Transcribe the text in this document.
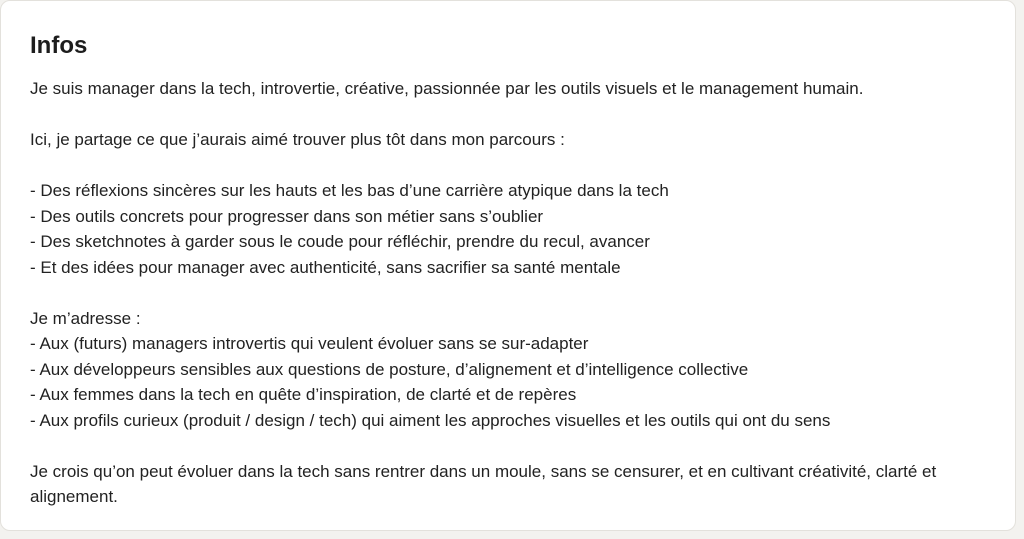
Infos
Je suis manager dans la tech, introvertie, créative, passionnée par les outils visuels et le management humain.
Ici, je partage ce que j’aurais aimé trouver plus tôt dans mon parcours :
- Des réflexions sincères sur les hauts et les bas d’une carrière atypique dans la tech
- Des outils concrets pour progresser dans son métier sans s’oublier
- Des sketchnotes à garder sous le coude pour réfléchir, prendre du recul, avancer
- Et des idées pour manager avec authenticité, sans sacrifier sa santé mentale
Je m’adresse :
- Aux (futurs) managers introvertis qui veulent évoluer sans se sur-adapter
- Aux développeurs sensibles aux questions de posture, d’alignement et d’intelligence collective
- Aux femmes dans la tech en quête d’inspiration, de clarté et de repères
- Aux profils curieux (produit / design / tech) qui aiment les approches visuelles et les outils qui ont du sens
Je crois qu’on peut évoluer dans la tech sans rentrer dans un moule, sans se censurer, et en cultivant créativité, clarté et alignement.
